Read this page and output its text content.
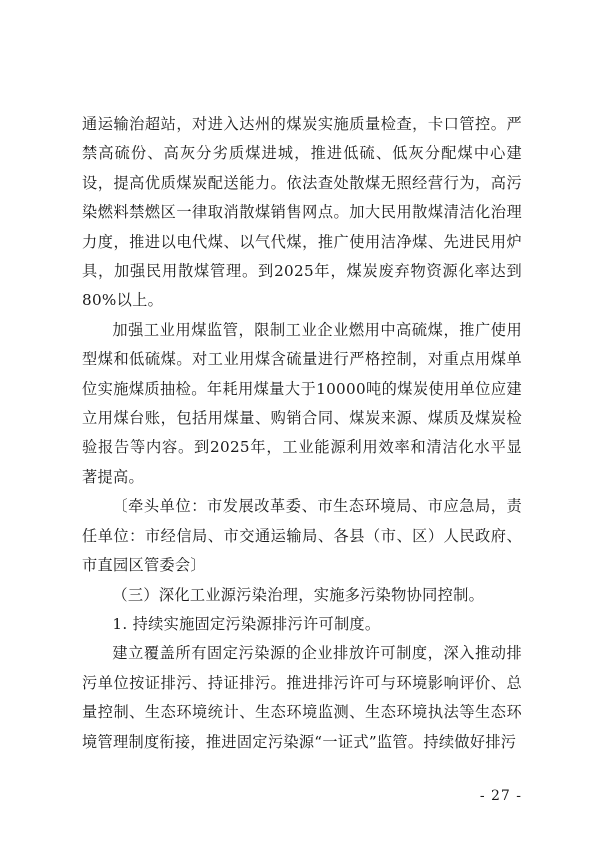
通运输治超站，对进入达州的煤炭实施质量检查，卡口管控。严禁高硫份、高灰分劣质煤进城，推进低硫、低灰分配煤中心建设，提高优质煤炭配送能力。依法查处散煤无照经营行为，高污染燃料禁燃区一律取消散煤销售网点。加大民用散煤清洁化治理力度，推进以电代煤、以气代煤，推广使用洁净煤、先进民用炉具，加强民用散煤管理。到2025年，煤炭废弃物资源化率达到80%以上。

加强工业用煤监管，限制工业企业燃用中高硫煤，推广使用型煤和低硫煤。对工业用煤含硫量进行严格控制，对重点用煤单位实施煤质抽检。年耗用煤量大于10000吨的煤炭使用单位应建立用煤台账，包括用煤量、购销合同、煤炭来源、煤质及煤炭检验报告等内容。到2025年，工业能源利用效率和清洁化水平显著提高。

〔牵头单位：市发展改革委、市生态环境局、市应急局，责任单位：市经信局、市交通运输局、各县（市、区）人民政府、市直园区管委会〕

（三）深化工业源污染治理，实施多污染物协同控制。

1. 持续实施固定污染源排污许可制度。

建立覆盖所有固定污染源的企业排放许可制度，深入推动排污单位按证排污、持证排污。推进排污许可与环境影响评价、总量控制、生态环境统计、生态环境监测、生态环境执法等生态环境管理制度衔接，推进固定污染源“一证式”监管。持续做好排污

- 27 -
